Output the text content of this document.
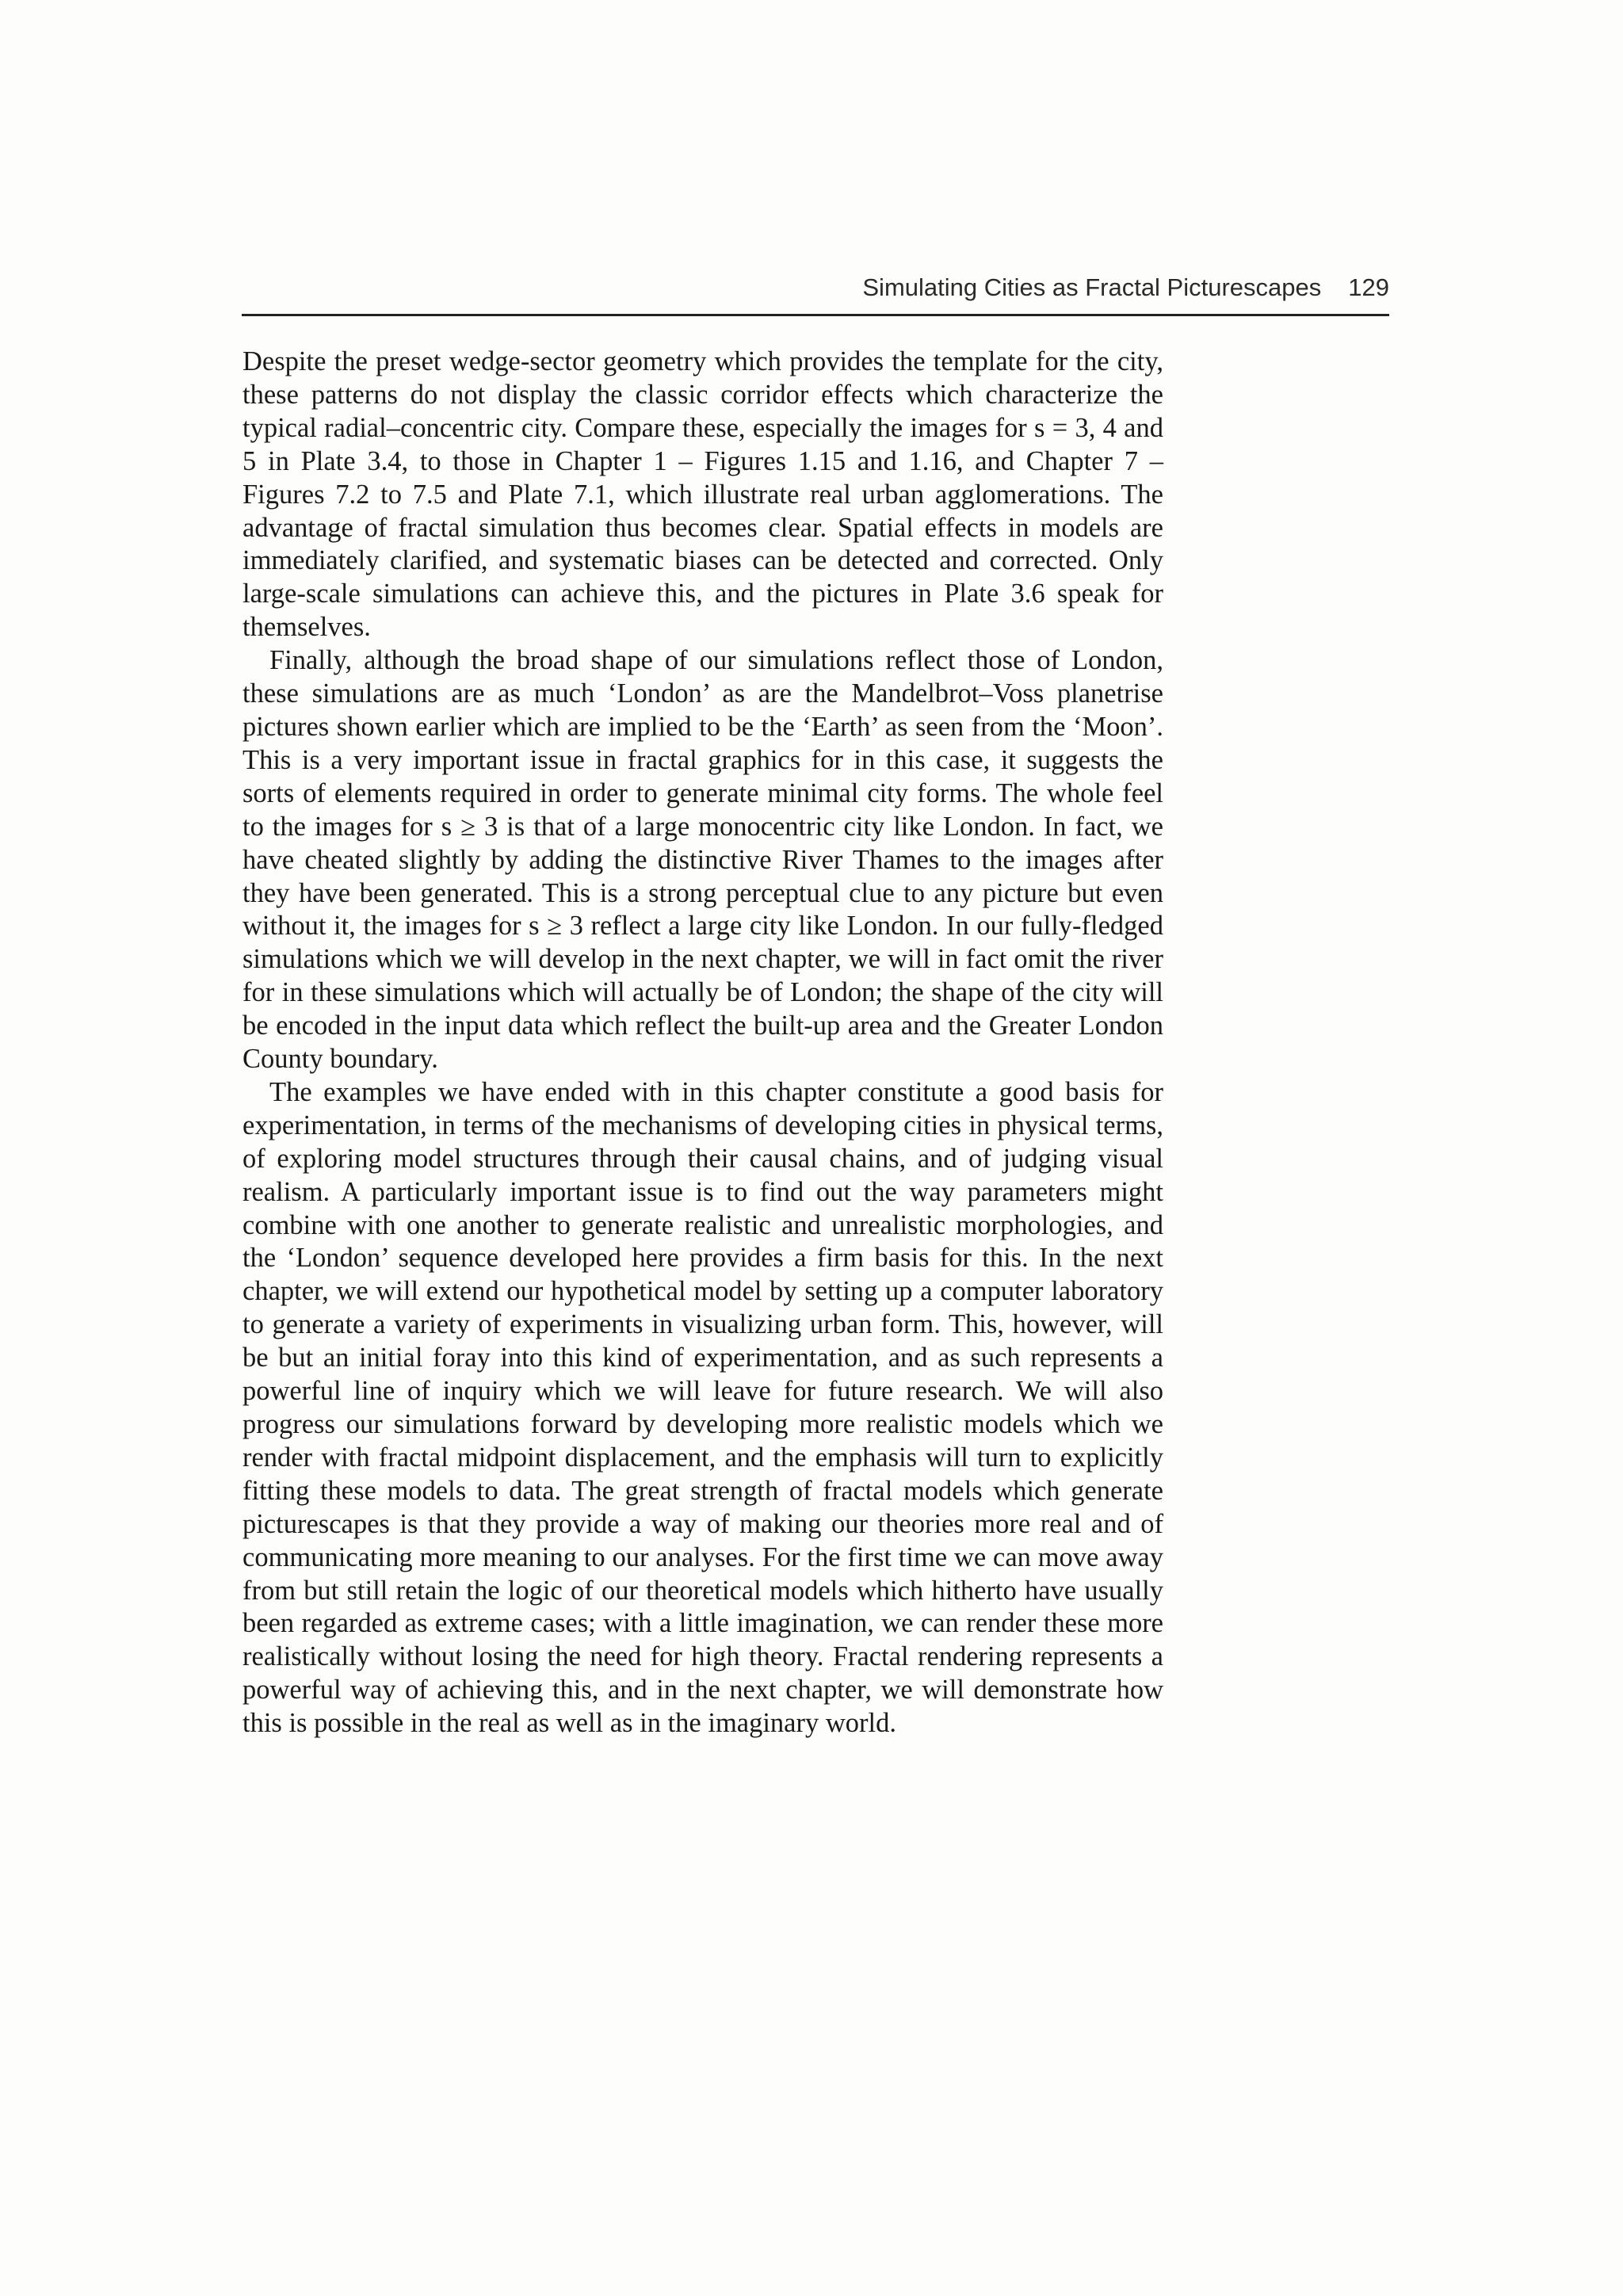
Simulating Cities as Fractal Picturescapes 129

Despite the preset wedge-sector geometry which provides the template for the city, these patterns do not display the classic corridor effects which characterize the typical radial–concentric city. Compare these, especially the images for s = 3, 4 and 5 in Plate 3.4, to those in Chapter 1 – Figures 1.15 and 1.16, and Chapter 7 – Figures 7.2 to 7.5 and Plate 7.1, which illustrate real urban agglomerations. The advantage of fractal simulation thus becomes clear. Spatial effects in models are immediately clarified, and systematic biases can be detected and corrected. Only large-scale simulations can achieve this, and the pictures in Plate 3.6 speak for themselves.

Finally, although the broad shape of our simulations reflect those of London, these simulations are as much ‘London’ as are the Mandelbrot–Voss planetrise pictures shown earlier which are implied to be the ‘Earth’ as seen from the ‘Moon’. This is a very important issue in fractal graphics for in this case, it suggests the sorts of elements required in order to generate minimal city forms. The whole feel to the images for s ≥ 3 is that of a large monocentric city like London. In fact, we have cheated slightly by adding the distinctive River Thames to the images after they have been generated. This is a strong perceptual clue to any picture but even without it, the images for s ≥ 3 reflect a large city like London. In our fully-fledged simulations which we will develop in the next chapter, we will in fact omit the river for in these simulations which will actually be of London; the shape of the city will be encoded in the input data which reflect the built-up area and the Greater London County boundary.

The examples we have ended with in this chapter constitute a good basis for experimentation, in terms of the mechanisms of developing cities in physical terms, of exploring model structures through their causal chains, and of judging visual realism. A particularly important issue is to find out the way parameters might combine with one another to generate realistic and unrealistic morphologies, and the ‘London’ sequence developed here provides a firm basis for this. In the next chapter, we will extend our hypothetical model by setting up a computer laboratory to generate a variety of experiments in visualizing urban form. This, however, will be but an initial foray into this kind of experimentation, and as such represents a powerful line of inquiry which we will leave for future research. We will also progress our simulations forward by developing more realistic models which we render with fractal midpoint displacement, and the emphasis will turn to explicitly fitting these models to data. The great strength of fractal models which generate picturescapes is that they provide a way of making our theories more real and of communicating more meaning to our analyses. For the first time we can move away from but still retain the logic of our theoretical models which hitherto have usually been regarded as extreme cases; with a little imagination, we can render these more realistically without losing the need for high theory. Fractal rendering represents a powerful way of achieving this, and in the next chapter, we will demonstrate how this is possible in the real as well as in the imaginary world.
